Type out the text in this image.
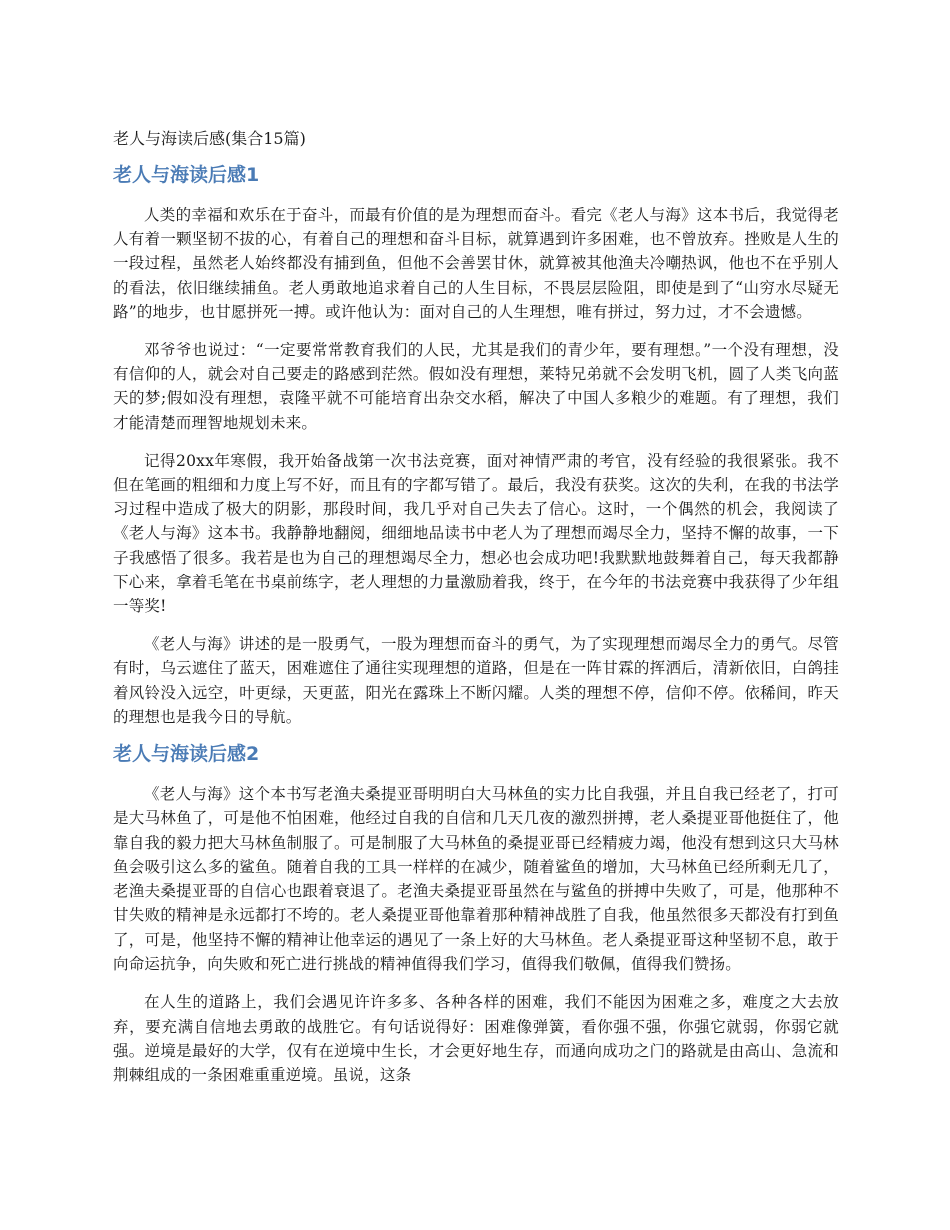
老人与海读后感(集合15篇)
老人与海读后感1

人类的幸福和欢乐在于奋斗，而最有价值的是为理想而奋斗。看完《老人与海》这本书后，我觉得老人有着一颗坚韧不拔的心，有着自己的理想和奋斗目标，就算遇到许多困难，也不曾放弃。挫败是人生的一段过程，虽然老人始终都没有捕到鱼，但他不会善罢甘休，就算被其他渔夫冷嘲热讽，他也不在乎别人的看法，依旧继续捕鱼。老人勇敢地追求着自己的人生目标，不畏层层险阻，即使是到了“山穷水尽疑无路”的地步，也甘愿拼死一搏。或许他认为：面对自己的人生理想，唯有拼过，努力过，才不会遗憾。

邓爷爷也说过：“一定要常常教育我们的人民，尤其是我们的青少年，要有理想。”一个没有理想，没有信仰的人，就会对自己要走的路感到茫然。假如没有理想，莱特兄弟就不会发明飞机，圆了人类飞向蓝天的梦;假如没有理想，袁隆平就不可能培育出杂交水稻，解决了中国人多粮少的难题。有了理想，我们才能清楚而理智地规划未来。

记得20xx年寒假，我开始备战第一次书法竞赛，面对神情严肃的考官，没有经验的我很紧张。我不但在笔画的粗细和力度上写不好，而且有的字都写错了。最后，我没有获奖。这次的失利，在我的书法学习过程中造成了极大的阴影，那段时间，我几乎对自己失去了信心。这时，一个偶然的机会，我阅读了《老人与海》这本书。我静静地翻阅，细细地品读书中老人为了理想而竭尽全力，坚持不懈的故事，一下子我感悟了很多。我若是也为自己的理想竭尽全力，想必也会成功吧!我默默地鼓舞着自己，每天我都静下心来，拿着毛笔在书桌前练字，老人理想的力量激励着我，终于，在今年的书法竞赛中我获得了少年组一等奖!

《老人与海》讲述的是一股勇气，一股为理想而奋斗的勇气，为了实现理想而竭尽全力的勇气。尽管有时，乌云遮住了蓝天，困难遮住了通往实现理想的道路，但是在一阵甘霖的挥洒后，清新依旧，白鸽挂着风铃没入远空，叶更绿，天更蓝，阳光在露珠上不断闪耀。人类的理想不停，信仰不停。依稀间，昨天的理想也是我今日的导航。

老人与海读后感2

《老人与海》这个本书写老渔夫桑提亚哥明明白大马林鱼的实力比自我强，并且自我已经老了，打可是大马林鱼了，可是他不怕困难，他经过自我的自信和几天几夜的激烈拼搏，老人桑提亚哥他挺住了，他靠自我的毅力把大马林鱼制服了。可是制服了大马林鱼的桑提亚哥已经精疲力竭，他没有想到这只大马林鱼会吸引这么多的鲨鱼。随着自我的工具一样样的在减少，随着鲨鱼的增加，大马林鱼已经所剩无几了，老渔夫桑提亚哥的自信心也跟着衰退了。老渔夫桑提亚哥虽然在与鲨鱼的拼搏中失败了，可是，他那种不甘失败的精神是永远都打不垮的。老人桑提亚哥他靠着那种精神战胜了自我，他虽然很多天都没有打到鱼了，可是，他坚持不懈的精神让他幸运的遇见了一条上好的大马林鱼。老人桑提亚哥这种坚韧不息，敢于向命运抗争，向失败和死亡进行挑战的精神值得我们学习，值得我们敬佩，值得我们赞扬。

在人生的道路上，我们会遇见许许多多、各种各样的困难，我们不能因为困难之多，难度之大去放弃，要充满自信地去勇敢的战胜它。有句话说得好：困难像弹簧，看你强不强，你强它就弱，你弱它就强。逆境是最好的大学，仅有在逆境中生长，才会更好地生存，而通向成功之门的路就是由高山、急流和荆棘组成的一条困难重重逆境。虽说，这条
